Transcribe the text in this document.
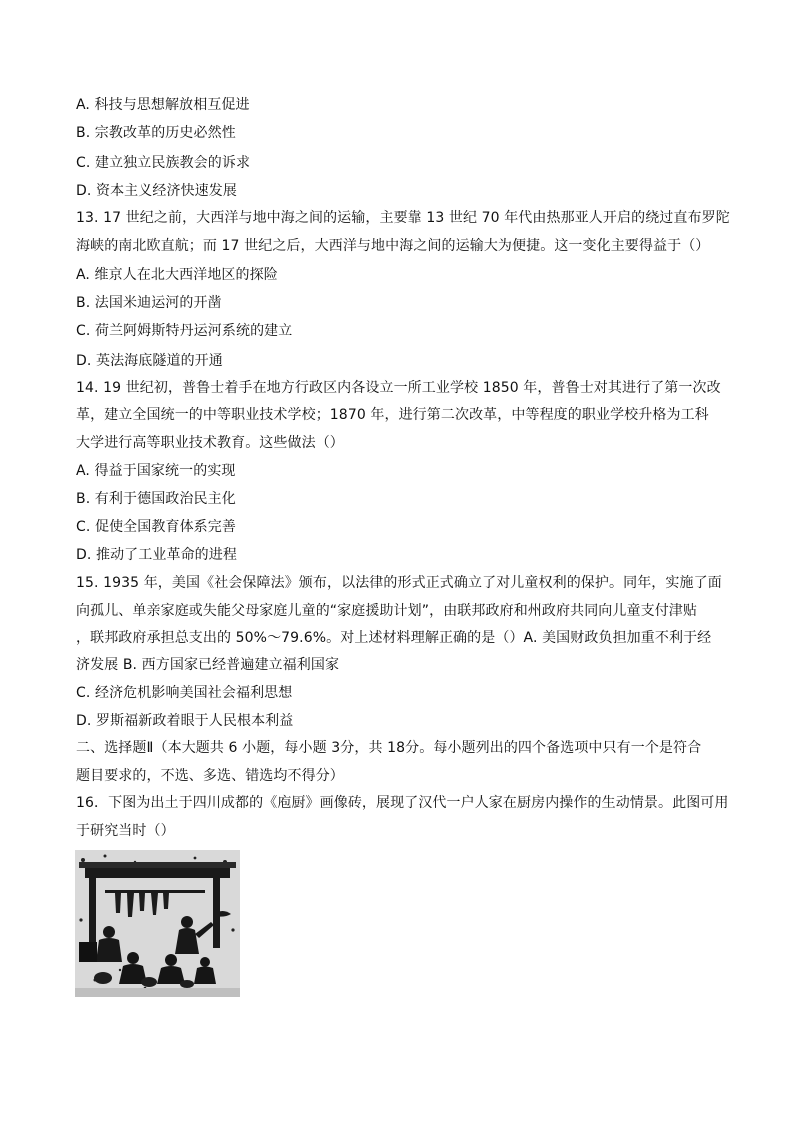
A. 科技与思想解放相互促进
B. 宗教改革的历史必然性
C. 建立独立民族教会的诉求
D. 资本主义经济快速发展
13. 17 世纪之前，大西洋与地中海之间的运输，主要靠 13 世纪 70 年代由热那亚人开启的绕过直布罗陀
海峡的南北欧直航；而 17 世纪之后，大西洋与地中海之间的运输大为便捷。这一变化主要得益于（）
A. 维京人在北大西洋地区的探险
B. 法国米迪运河的开凿
C. 荷兰阿姆斯特丹运河系统的建立
D. 英法海底隧道的开通
14. 19 世纪初，普鲁士着手在地方行政区内各设立一所工业学校 1850 年，普鲁士对其进行了第一次改
革，建立全国统一的中等职业技术学校；1870 年，进行第二次改革，中等程度的职业学校升格为工科
大学进行高等职业技术教育。这些做法（）
A. 得益于国家统一的实现
B. 有利于德国政治民主化
C. 促使全国教育体系完善
D. 推动了工业革命的进程
15. 1935 年，美国《社会保障法》颁布，以法律的形式正式确立了对儿童权利的保护。同年，实施了面
向孤儿、单亲家庭或失能父母家庭儿童的“家庭援助计划”，由联邦政府和州政府共同向儿童支付津贴
，联邦政府承担总支出的 50%～79.6%。对上述材料理解正确的是（）A. 美国财政负担加重不利于经
济发展 B. 西方国家已经普遍建立福利国家
C. 经济危机影响美国社会福利思想
D. 罗斯福新政着眼于人民根本利益
二、选择题Ⅱ（本大题共 6 小题，每小题 3分，共 18分。每小题列出的四个备选项中只有一个是符合
题目要求的，不选、多选、错选均不得分）
16．下图为出土于四川成都的《庖厨》画像砖，展现了汉代一户人家在厨房内操作的生动情景。此图可用
于研究当时（）
